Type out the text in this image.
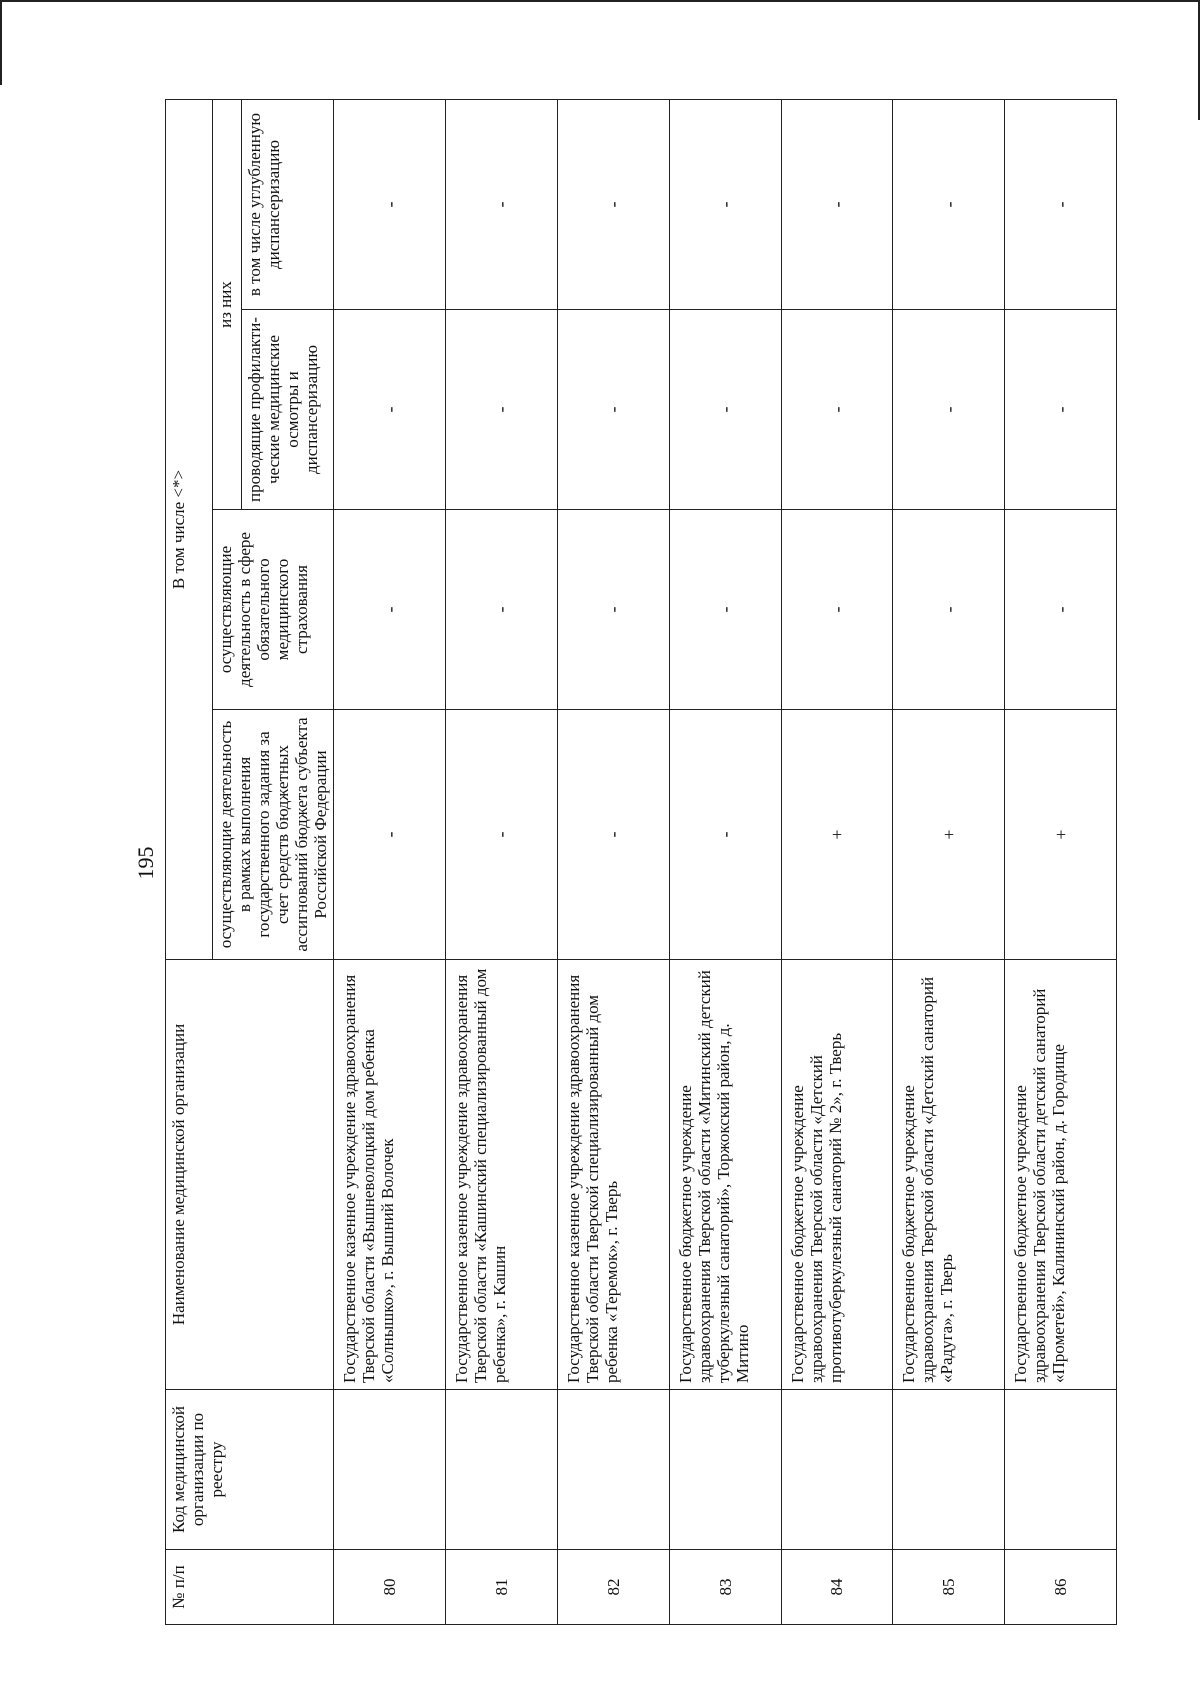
195
№ п/п	Код медицинской организации по реестру	Наименование медицинской организации	В том числе <*>			
			осуществляющие деятельность в рамках выполнения государственного задания за счет средств бюджетных ассигнований бюджета субъекта Российской Федерации	осуществляющие деятельность в сфере обязательного медицинского страхования	из них	
					проводящие профилакти-ческие медицинские осмотры и диспансеризацию	в том числе углубленную диспансеризацию
80		Государственное казенное учреждение здравоохранения Тверской области «Вышневолоцкий дом ребенка «Солнышко», г. Вышний Волочек	-	-	-	-
81		Государственное казенное учреждение здравоохранения Тверской области «Кашинский специализированный дом ребенка», г. Кашин	-	-	-	-
82		Государственное казенное учреждение здравоохранения Тверской области Тверской специализированный дом ребенка «Теремок», г. Тверь	-	-	-	-
83		Государственное бюджетное учреждение здравоохранения Тверской области «Митинский детский туберкулезный санаторий», Торжокский район, д. Митино	-	-	-	-
84		Государственное бюджетное учреждение здравоохранения Тверской области «Детский противотуберкулезный санаторий № 2», г. Тверь	+	-	-	-
85		Государственное бюджетное учреждение здравоохранения Тверской области «Детский санаторий «Радуга», г. Тверь	+	-	-	-
86		Государственное бюджетное учреждение здравоохранения Тверской области детский санаторий «Прометей», Калининский район, д. Городище	+	-	-	-
